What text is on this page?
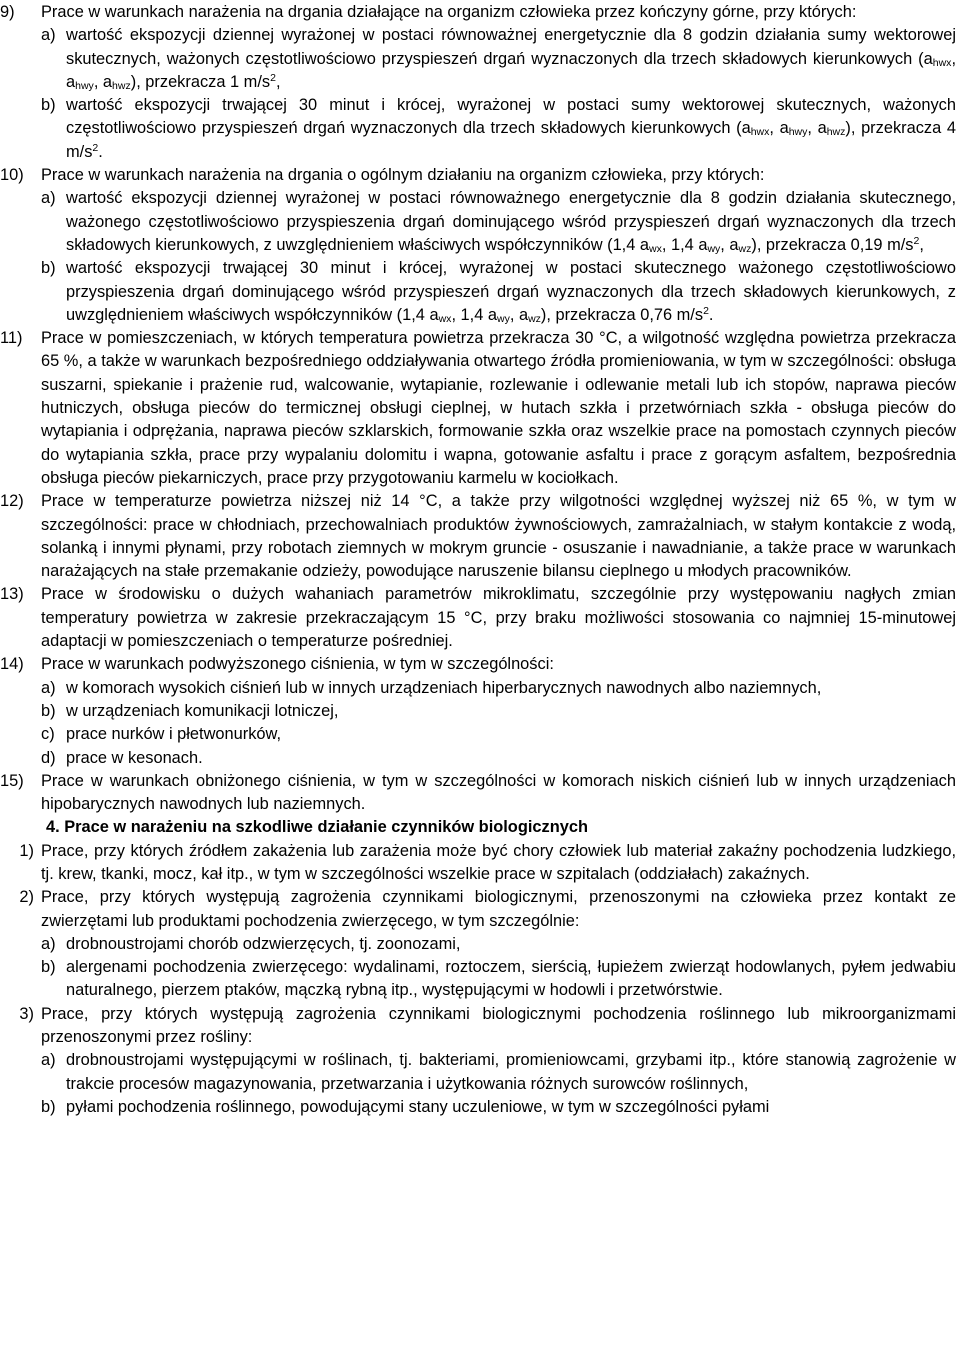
9)	Prace w warunkach narażenia na drgania działające na organizm człowieka przez kończyny górne, przy których:

a) wartość ekspozycji dziennej wyrażonej w postaci równoważnej energetycznie dla 8 godzin działania sumy wektorowej skutecznych, ważonych częstotliwościowo przyspieszeń drgań wyznaczonych dla trzech składowych kierunkowych ($a_{hwx}$, $a_{hwy}$, $a_{hwz}$), przekracza 1 $m/s^2$,

b) wartość ekspozycji trwającej 30 minut i krócej, wyrażonej w postaci sumy wektorowej skutecznych, ważonych częstotliwościowo przyspieszeń drgań wyznaczonych dla trzech składowych kierunkowych ($a_{hwx}$, $a_{hwy}$, $a_{hwz}$), przekracza 4 $m/s^2$.

10)	Prace w warunkach narażenia na drgania o ogólnym działaniu na organizm człowieka, przy których:

a) wartość ekspozycji dziennej wyrażonej w postaci równoważnego energetycznie dla 8 godzin działania skutecznego, ważonego częstotliwościowo przyspieszenia drgań dominującego wśród przyspieszeń drgań wyznaczonych dla trzech składowych kierunkowych, z uwzględnieniem właściwych współczynników (1,4 $a_{wx}$, 1,4 $a_{wy}$, $a_{wz}$), przekracza 0,19 $m/s^2$,

b) wartość ekspozycji trwającej 30 minut i krócej, wyrażonej w postaci skutecznego ważonego częstotliwościowo przyspieszenia drgań dominującego wśród przyspieszeń drgań wyznaczonych dla trzech składowych kierunkowych, z uwzględnieniem właściwych współczynników (1,4 $a_{wx}$, 1,4 $a_{wy}$, $a_{wz}$), przekracza 0,76 $m/s^2$.

11)	Prace w pomieszczeniach, w których temperatura powietrza przekracza 30 °C, a wilgotność względna powietrza przekracza 65 %, a także w warunkach bezpośredniego oddziaływania otwartego źródła promieniowania, w tym w szczególności: obsługa suszarni, spiekanie i prażenie rud, walcowanie, wytapianie, rozlewanie i odlewanie metali lub ich stopów, naprawa pieców hutniczych, obsługa pieców do termicznej obsługi cieplnej, w hutach szkła i przetwórniach szkła - obsługa pieców do wytapiania i odprężania, naprawa pieców szklarskich, formowanie szkła oraz wszelkie prace na pomostach czynnych pieców do wytapiania szkła, prace przy wypalaniu dolomitu i wapna, gotowanie asfaltu i prace z gorącym asfaltem, bezpośrednia obsługa pieców piekarniczych, prace przy przygotowaniu karmelu w kociołkach.

12)	Prace w temperaturze powietrza niższej niż 14 °C, a także przy wilgotności względnej wyższej niż 65 %, w tym w szczególności: prace w chłodniach, przechowalniach produktów żywnościowych, zamrażalniach, w stałym kontakcie z wodą, solanką i innymi płynami, przy robotach ziemnych w mokrym gruncie - osuszanie i nawadnianie, a także prace w warunkach narażających na stałe przemakanie odzieży, powodujące naruszenie bilansu cieplnego u młodych pracowników.

13)	Prace w środowisku o dużych wahaniach parametrów mikroklimatu, szczególnie przy występowaniu nagłych zmian temperatury powietrza w zakresie przekraczającym 15 °C, przy braku możliwości stosowania co najmniej 15-minutowej adaptacji w pomieszczeniach o temperaturze pośredniej.

14)	Prace w warunkach podwyższonego ciśnienia, w tym w szczególności:

a) w komorach wysokich ciśnień lub w innych urządzeniach hiperbarycznych nawodnych albo naziemnych,

b) w urządzeniach komunikacji lotniczej,

c) prace nurków i płetwonurków,

d) prace w kesonach.

15)	Prace w warunkach obniżonego ciśnienia, w tym w szczególności w komorach niskich ciśnień lub w innych urządzeniach hipobarycznych nawodnych lub naziemnych.

4. Prace w narażeniu na szkodliwe działanie czynników biologicznych

1) Prace, przy których źródłem zakażenia lub zarażenia może być chory człowiek lub materiał zakaźny pochodzenia ludzkiego, tj. krew, tkanki, mocz, kał itp., w tym w szczególności wszelkie prace w szpitalach (oddziałach) zakaźnych.

2) Prace, przy których występują zagrożenia czynnikami biologicznymi, przenoszonymi na człowieka przez kontakt ze zwierzętami lub produktami pochodzenia zwierzęcego, w tym szczególnie:

a) drobnoustrojami chorób odzwierzęcych, tj. zoonozami,

b) alergenami pochodzenia zwierzęcego: wydalinami, roztoczem, sierścią, łupieżem zwierząt hodowlanych, pyłem jedwabiu naturalnego, pierzem ptaków, mączką rybną itp., występującymi w hodowli i przetwórstwie.

3) Prace, przy których występują zagrożenia czynnikami biologicznymi pochodzenia roślinnego lub mikroorganizmami przenoszonymi przez rośliny:

a) drobnoustrojami występującymi w roślinach, tj. bakteriami, promieniowcami, grzybami itp., które stanowią zagrożenie w trakcie procesów magazynowania, przetwarzania i użytkowania różnych surowców roślinnych,

b) pyłami pochodzenia roślinnego, powodującymi stany uczuleniowe, w tym w szczególności pyłami
